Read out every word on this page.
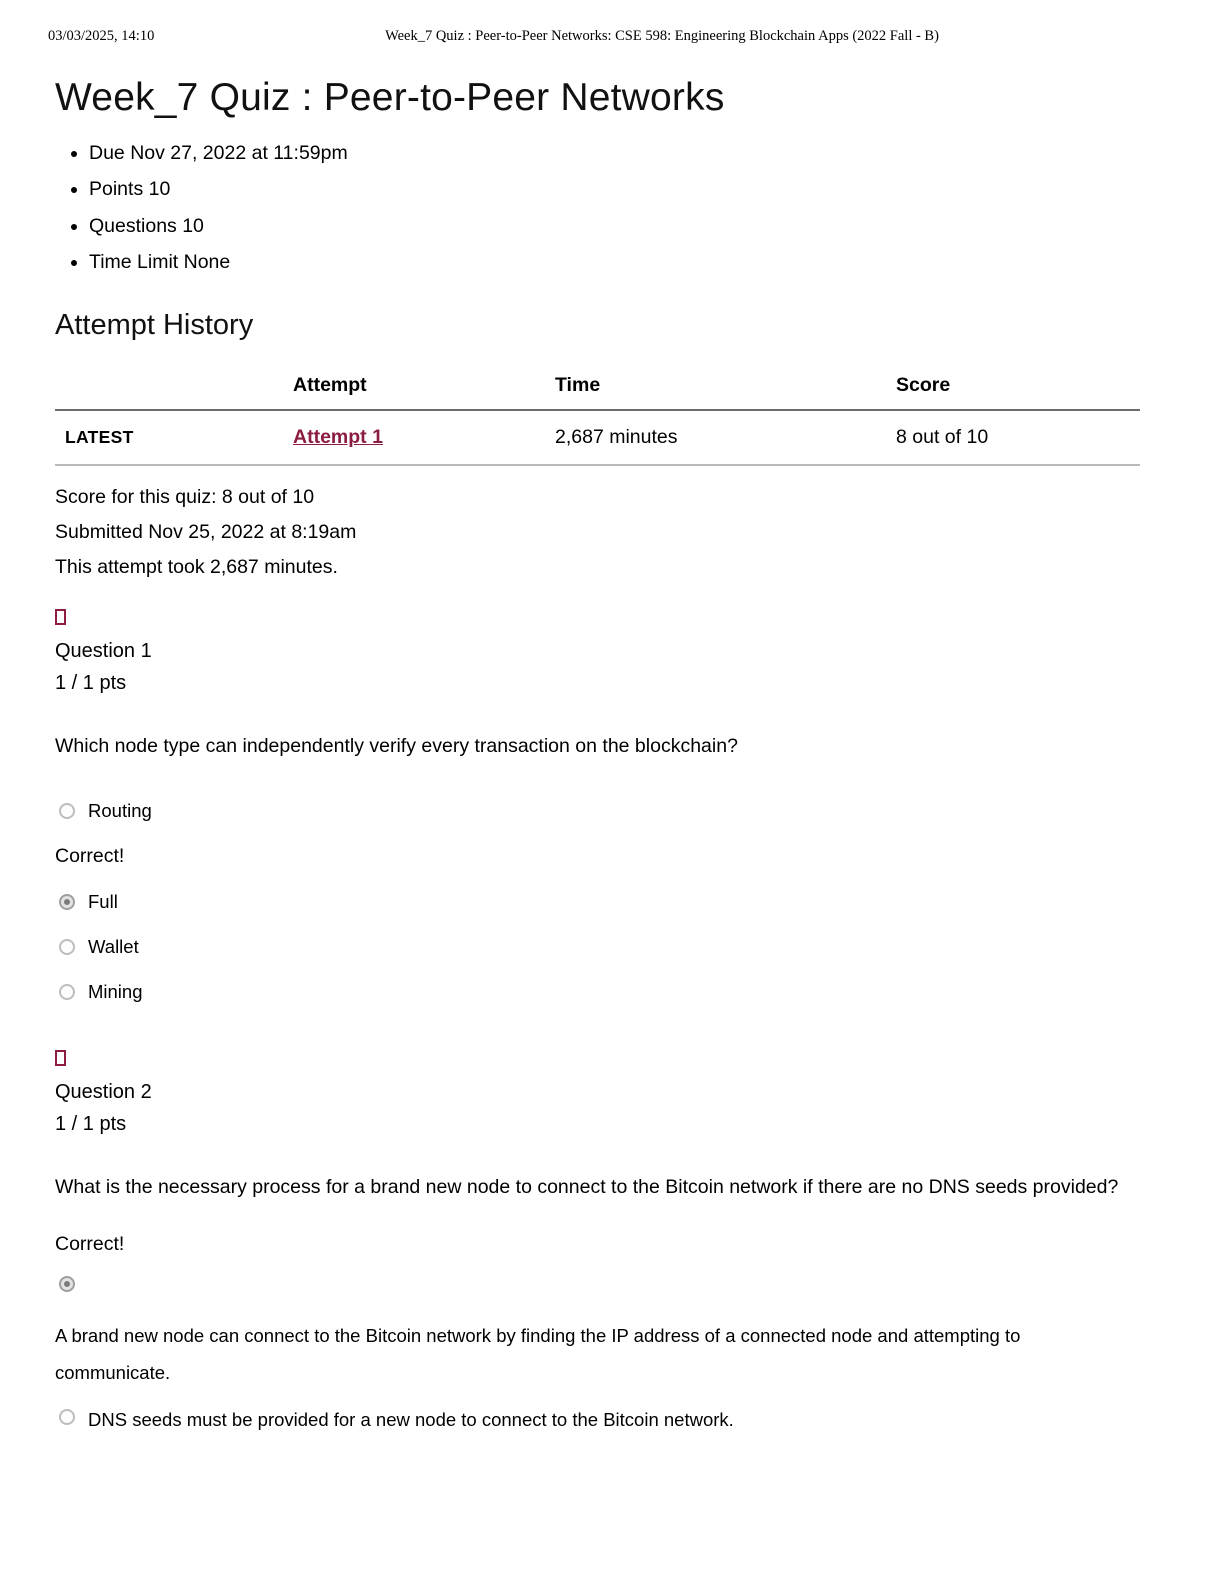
03/03/2025, 14:10	Week_7 Quiz : Peer-to-Peer Networks: CSE 598: Engineering Blockchain Apps (2022 Fall - B)
Week_7 Quiz : Peer-to-Peer Networks
• Due Nov 27, 2022 at 11:59pm
• Points 10
• Questions 10
• Time Limit None
Attempt History
	Attempt	Time	Score
LATEST	Attempt 1	2,687 minutes	8 out of 10

Score for this quiz: 8 out of 10

Submitted Nov 25, 2022 at 8:19am

This attempt took 2,687 minutes.

Question 1
1 / 1 pts

Which node type can independently verify every transaction on the blockchain?

Routing

Correct!

Full
Wallet
Mining
Question 2
1 / 1 pts

What is the necessary process for a brand new node to connect to the Bitcoin network if there are no DNS seeds provided?

Correct!

A brand new node can connect to the Bitcoin network by finding the IP address of a connected node and attempting to communicate.

DNS seeds must be provided for a new node to connect to the Bitcoin network.
